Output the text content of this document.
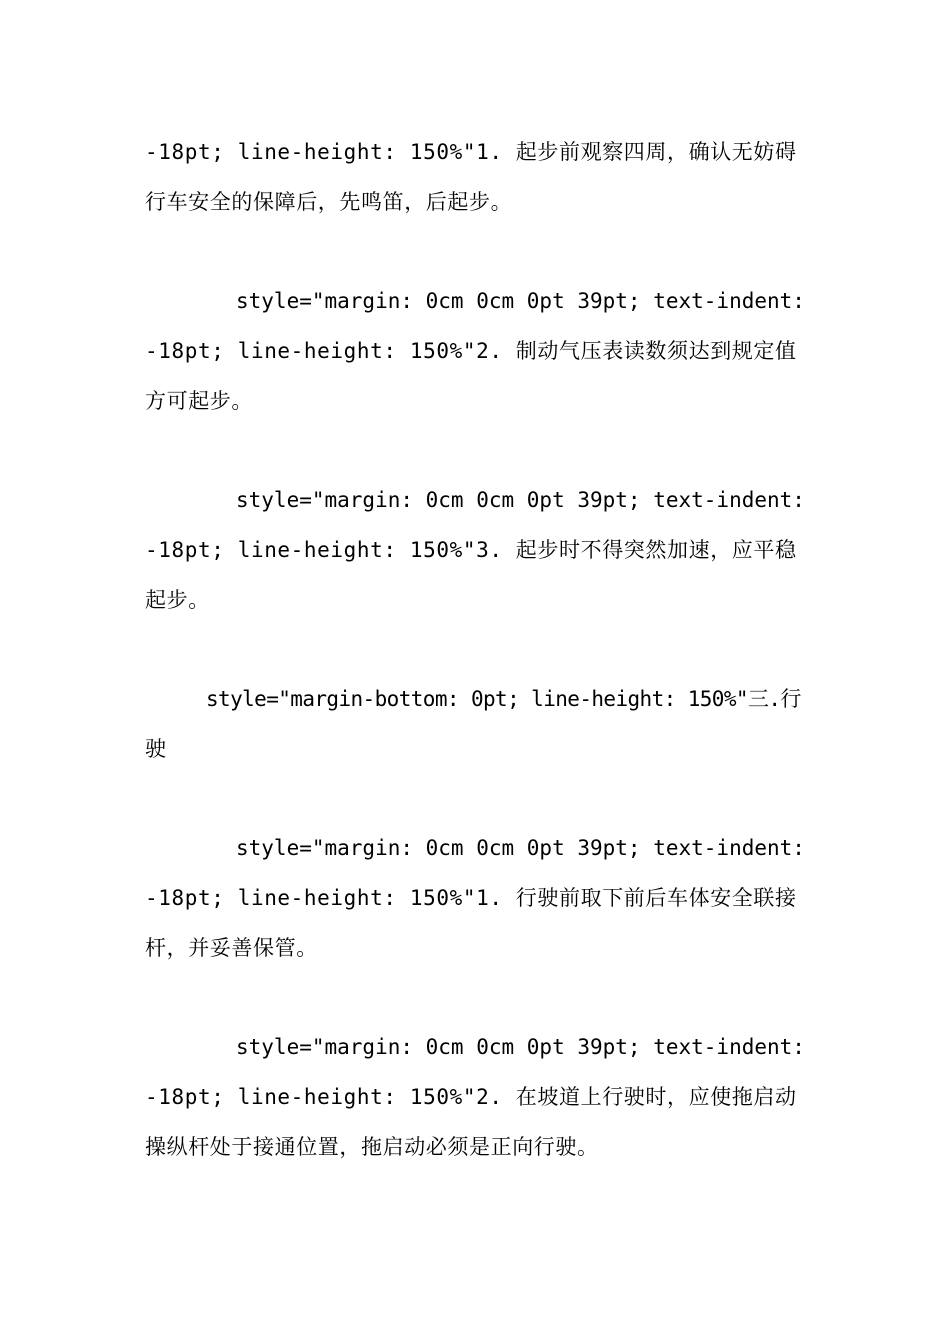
-18pt; line-height: 150%"1. 起步前观察四周，确认无妨碍
行车安全的保障后，先鸣笛，后起步。
style="margin: 0cm 0cm 0pt 39pt; text-indent:
-18pt; line-height: 150%"2. 制动气压表读数须达到规定值
方可起步。
style="margin: 0cm 0cm 0pt 39pt; text-indent:
-18pt; line-height: 150%"3. 起步时不得突然加速，应平稳
起步。
style="margin-bottom: 0pt; line-height: 150%"三.行
驶
style="margin: 0cm 0cm 0pt 39pt; text-indent:
-18pt; line-height: 150%"1. 行驶前取下前后车体安全联接
杆，并妥善保管。
style="margin: 0cm 0cm 0pt 39pt; text-indent:
-18pt; line-height: 150%"2. 在坡道上行驶时，应使拖启动
操纵杆处于接通位置，拖启动必须是正向行驶。
